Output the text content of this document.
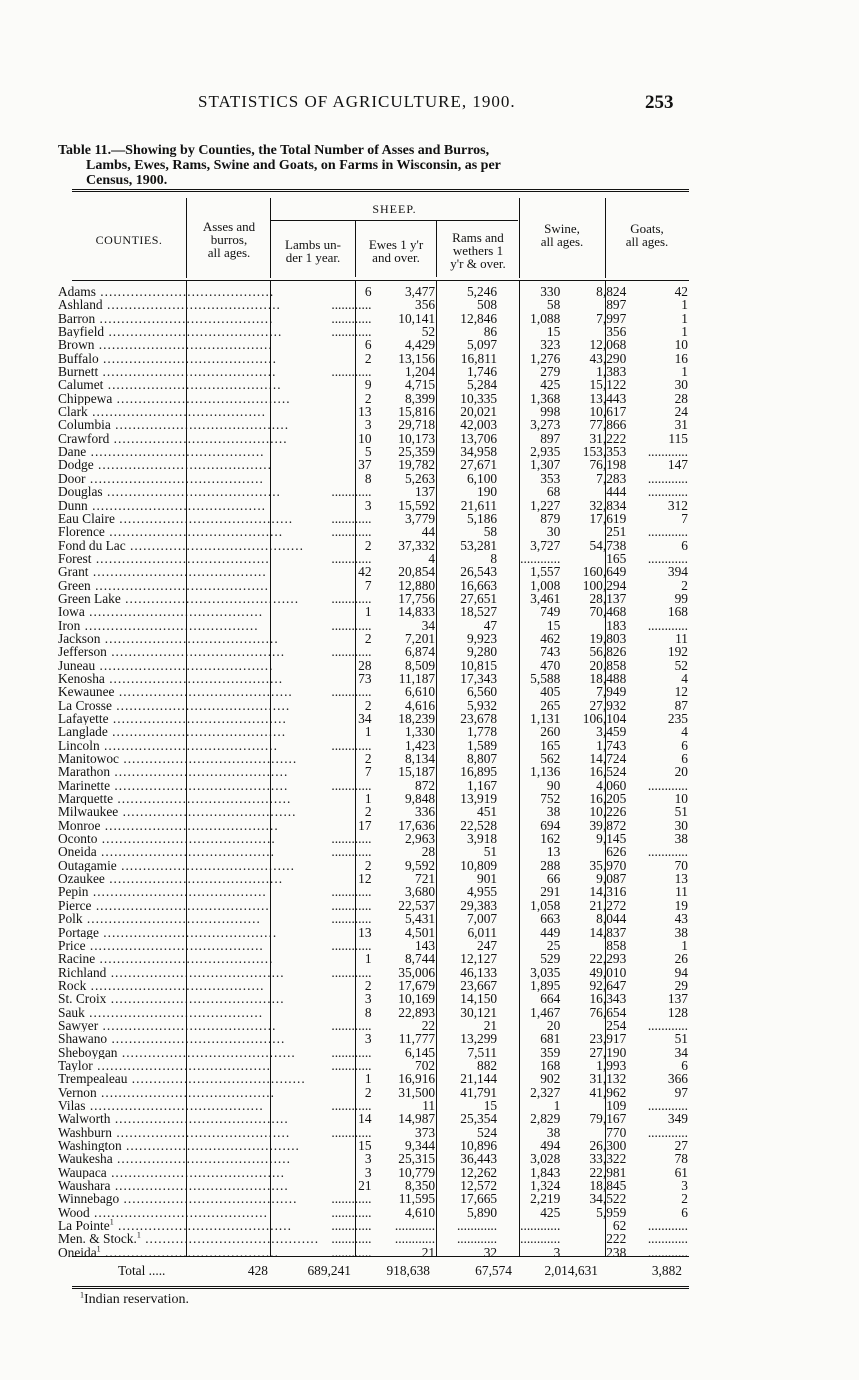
STATISTICS OF AGRICULTURE, 1900.	253
Table 11.—Showing by Counties, the Total Number of Asses and Burros,
Lambs, Ewes, Rams, Swine and Goats, on Farms in Wisconsin, as per
Census, 1900.
COUNTIES.
Asses and
burros,
all ages.
SHEEP.
Lambs un-
der 1 year.
Ewes 1 y'r
and over.
Rams and
wethers 1
y'r & over.
Swine,
all ages.
Goats,
all ages.
Adams ........................................	6	3,477	5,246	330	8,824	42
Ashland ........................................	............	356	508	58	897	1
Barron ........................................	............	10,141	12,846	1,088	7,997	1
Bayfield ........................................	............	52	86	15	356	1
Brown ........................................	6	4,429	5,097	323	12,068	10
Buffalo ........................................	2	13,156	16,811	1,276	43,290	16
Burnett ........................................	............	1,204	1,746	279	1,383	1
Calumet ........................................	9	4,715	5,284	425	15,122	30
Chippewa ........................................	2	8,399	10,335	1,368	13,443	28
Clark ........................................	13	15,816	20,021	998	10,617	24
Columbia ........................................	3	29,718	42,003	3,273	77,866	31
Crawford ........................................	10	10,173	13,706	897	31,222	115
Dane ........................................	5	25,359	34,958	2,935	153,353	............
Dodge ........................................	37	19,782	27,671	1,307	76,198	147
Door ........................................	8	5,263	6,100	353	7,283	............
Douglas ........................................	............	137	190	68	444	............
Dunn ........................................	3	15,592	21,611	1,227	32,834	312
Eau Claire ........................................	............	3,779	5,186	879	17,619	7
Florence ........................................	............	44	58	30	251	............
Fond du Lac ........................................	2	37,332	53,281	3,727	54,738	6
Forest ........................................	............	4	8	............	165	............
Grant ........................................	42	20,854	26,543	1,557	160,649	394
Green ........................................	7	12,880	16,663	1,008	100,294	2
Green Lake ........................................	............	17,756	27,651	3,461	28,137	99
Iowa ........................................	1	14,833	18,527	749	70,468	168
Iron ........................................	............	34	47	15	183	............
Jackson ........................................	2	7,201	9,923	462	19,803	11
Jefferson ........................................	............	6,874	9,280	743	56,826	192
Juneau ........................................	28	8,509	10,815	470	20,858	52
Kenosha ........................................	73	11,187	17,343	5,588	18,488	4
Kewaunee ........................................	............	6,610	6,560	405	7,949	12
La Crosse ........................................	2	4,616	5,932	265	27,932	87
Lafayette ........................................	34	18,239	23,678	1,131	106,104	235
Langlade ........................................	1	1,330	1,778	260	3,459	4
Lincoln ........................................	............	1,423	1,589	165	1,743	6
Manitowoc ........................................	2	8,134	8,807	562	14,724	6
Marathon ........................................	7	15,187	16,895	1,136	16,524	20
Marinette ........................................	............	872	1,167	90	4,060	............
Marquette ........................................	1	9,848	13,919	752	16,205	10
Milwaukee ........................................	2	336	451	38	10,226	51
Monroe ........................................	17	17,636	22,528	694	39,872	30
Oconto ........................................	............	2,963	3,918	162	9,145	38
Oneida ........................................	............	28	51	13	626	............
Outagamie ........................................	2	9,592	10,809	288	35,970	70
Ozaukee ........................................	12	721	901	66	9,087	13
Pepin ........................................	............	3,680	4,955	291	14,316	11
Pierce ........................................	............	22,537	29,383	1,058	21,272	19
Polk ........................................	............	5,431	7,007	663	8,044	43
Portage ........................................	13	4,501	6,011	449	14,837	38
Price ........................................	............	143	247	25	858	1
Racine ........................................	1	8,744	12,127	529	22,293	26
Richland ........................................	............	35,006	46,133	3,035	49,010	94
Rock ........................................	2	17,679	23,667	1,895	92,647	29
St. Croix ........................................	3	10,169	14,150	664	16,343	137
Sauk ........................................	8	22,893	30,121	1,467	76,654	128
Sawyer ........................................	............	22	21	20	254	............
Shawano ........................................	3	11,777	13,299	681	23,917	51
Sheboygan ........................................	............	6,145	7,511	359	27,190	34
Taylor ........................................	............	702	882	168	1,993	6
Trempealeau ........................................	1	16,916	21,144	902	31,132	366
Vernon ........................................	2	31,500	41,791	2,327	41,962	97
Vilas ........................................	............	11	15	1	109	............
Walworth ........................................	14	14,987	25,354	2,829	79,167	349
Washburn ........................................	............	373	524	38	770	............
Washington ........................................	15	9,344	10,896	494	26,300	27
Waukesha ........................................	3	25,315	36,443	3,028	33,322	78
Waupaca ........................................	3	10,779	12,262	1,843	22,981	61
Waushara ........................................	21	8,350	12,572	1,324	18,845	3
Winnebago ........................................	............	11,595	17,665	2,219	34,522	2
Wood ........................................	............	4,610	5,890	425	5,959	6
La Pointe$^1$ ........................................	............	............	............	............	62	............
Men. & Stock.$^1$ ........................................	............	............	............	............	222	............
Oneida$^1$ ........................................	............	21	32	3	238	............
Total .....	428	689,241	918,638	67,574 2,014,631	3,882
$^1$Indian reservation.
